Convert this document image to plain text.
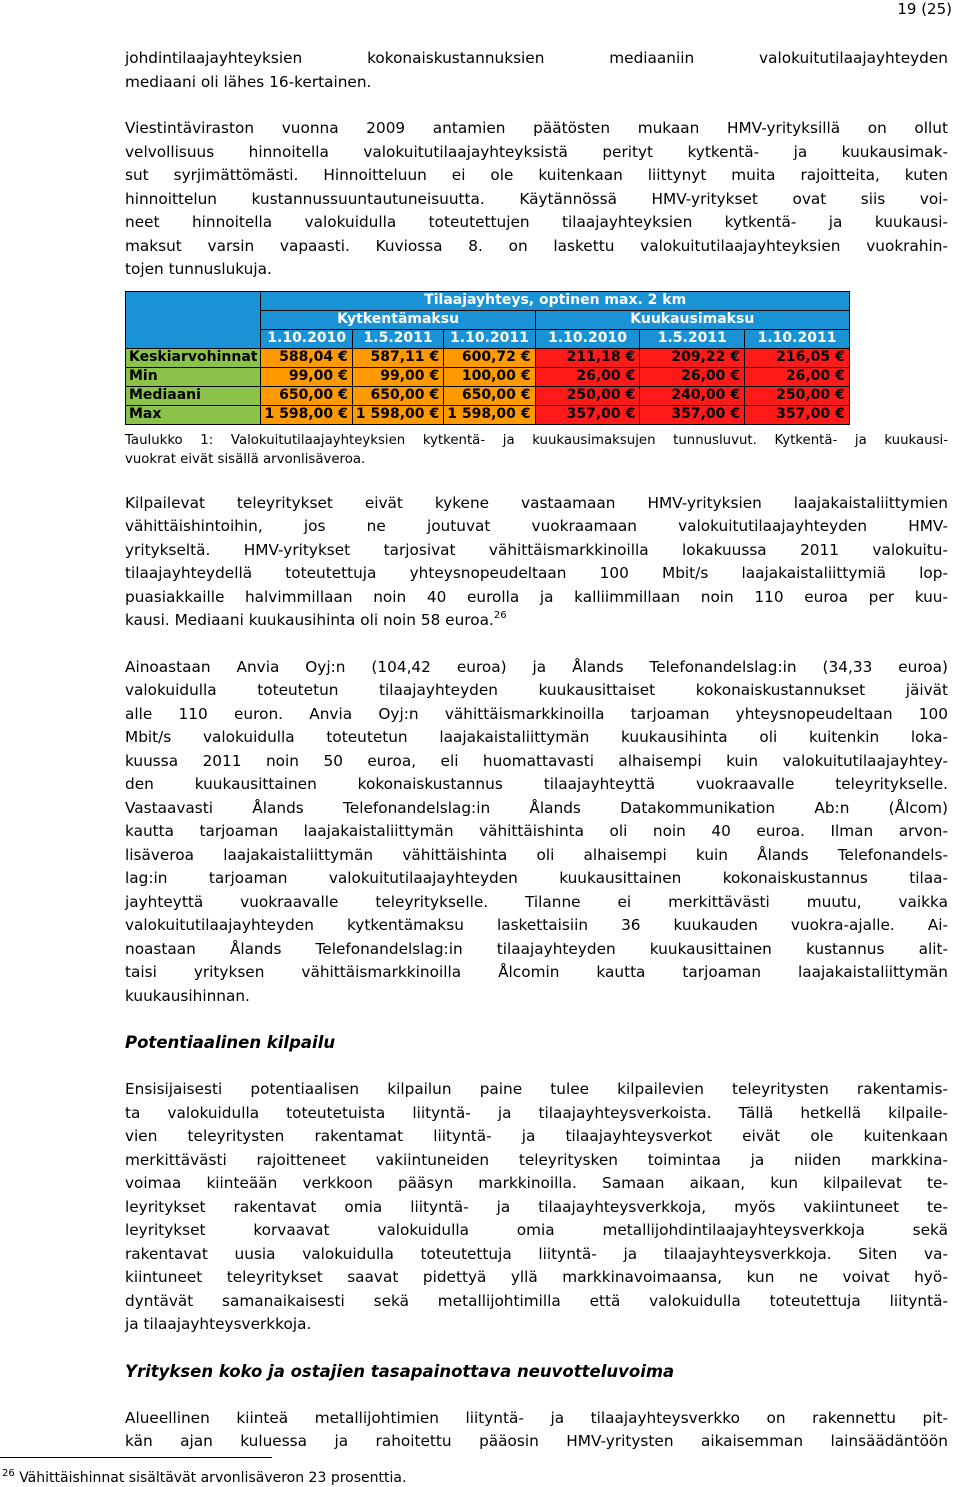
19 (25)
johdintilaajayhteyksien kokonaiskustannuksien mediaaniin valokuitutilaajayhteyden
mediaani oli lähes 16-kertainen.
Viestintäviraston vuonna 2009 antamien päätösten mukaan HMV-yrityksillä on ollut
velvollisuus hinnoitella valokuitutilaajayhteyksistä perityt kytkentä- ja kuukausimak-
sut syrjimättömästi. Hinnoitteluun ei ole kuitenkaan liittynyt muita rajoitteita, kuten
hinnoittelun kustannussuuntautuneisuutta. Käytännössä HMV-yritykset ovat siis voi-
neet hinnoitella valokuidulla toteutettujen tilaajayhteyksien kytkentä- ja kuukausi-
maksut varsin vapaasti. Kuviossa 8. on laskettu valokuitutilaajayhteyksien vuokrahin-
tojen tunnuslukuja.
	Tilaajayhteys, optinen max. 2 km											
	Kytkentämaksu						Kuukausimaksu					
	1.10.2010		1.5.2011		1.10.2011		1.10.2010		1.5.2011		1.10.2011	
Keskiarvohinnat	588,04	€	587,11	€	600,72	€	211,18	€	209,22	€	216,05	€
Min	99,00	€	99,00	€	100,00	€	26,00	€	26,00	€	26,00	€
Mediaani	650,00	€	650,00	€	650,00	€	250,00	€	240,00	€	250,00	€
Max	1 598,00	€	1 598,00	€	1 598,00	€	357,00	€	357,00	€	357,00	€
Taulukko 1: Valokuitutilaajayhteyksien kytkentä- ja kuukausimaksujen tunnusluvut. Kytkentä- ja kuukausi-
vuokrat eivät sisällä arvonlisäveroa.
Kilpailevat teleyritykset eivät kykene vastaamaan HMV-yrityksien laajakaistaliittymien
vähittäishintoihin, jos ne joutuvat vuokraamaan valokuitutilaajayhteyden HMV-
yritykseltä. HMV-yritykset tarjosivat vähittäismarkkinoilla lokakuussa 2011 valokuitu-
tilaajayhteydellä toteutettuja yhteysnopeudeltaan 100 Mbit/s laajakaistaliittymiä lop-
puasiakkaille halvimmillaan noin 40 eurolla ja kalliimmillaan noin 110 euroa per kuu-
kausi. Mediaani kuukausihinta oli noin 58 euroa.$^{26}$
Ainoastaan Anvia Oyj:n (104,42 euroa) ja Ålands Telefonandelslag:in (34,33 euroa)
valokuidulla toteutetun tilaajayhteyden kuukausittaiset kokonaiskustannukset jäivät
alle 110 euron. Anvia Oyj:n vähittäismarkkinoilla tarjoaman yhteysnopeudeltaan 100
Mbit/s valokuidulla toteutetun laajakaistaliittymän kuukausihinta oli kuitenkin loka-
kuussa 2011 noin 50 euroa, eli huomattavasti alhaisempi kuin valokuitutilaajayhtey-
den kuukausittainen kokonaiskustannus tilaajayhteyttä vuokraavalle teleyritykselle.
Vastaavasti Ålands Telefonandelslag:in Ålands Datakommunikation Ab:n (Ålcom)
kautta tarjoaman laajakaistaliittymän vähittäishinta oli noin 40 euroa. Ilman arvon-
lisäveroa laajakaistaliittymän vähittäishinta oli alhaisempi kuin Ålands Telefonandels-
lag:in tarjoaman valokuitutilaajayhteyden kuukausittainen kokonaiskustannus tilaa-
jayhteyttä vuokraavalle teleyritykselle. Tilanne ei merkittävästi muutu, vaikka
valokuitutilaajayhteyden kytkentämaksu laskettaisiin 36 kuukauden vuokra-ajalle. Ai-
noastaan Ålands Telefonandelslag:in tilaajayhteyden kuukausittainen kustannus alit-
taisi yrityksen vähittäismarkkinoilla Ålcomin kautta tarjoaman laajakaistaliittymän
kuukausihinnan.
Potentiaalinen kilpailu
Ensisijaisesti potentiaalisen kilpailun paine tulee kilpailevien teleyritysten rakentamis-
ta valokuidulla toteutetuista liityntä- ja tilaajayhteysverkoista. Tällä hetkellä kilpaile-
vien teleyritysten rakentamat liityntä- ja tilaajayhteysverkot eivät ole kuitenkaan
merkittävästi rajoitteneet vakiintuneiden teleyritysken toimintaa ja niiden markkina-
voimaa kiinteään verkkoon pääsyn markkinoilla. Samaan aikaan, kun kilpailevat te-
leyritykset rakentavat omia liityntä- ja tilaajayhteysverkkoja, myös vakiintuneet te-
leyritykset korvaavat valokuidulla omia metallijohdintilaajayhteysverkkoja sekä
rakentavat uusia valokuidulla toteutettuja liityntä- ja tilaajayhteysverkkoja. Siten va-
kiintuneet teleyritykset saavat pidettyä yllä markkinavoimaansa, kun ne voivat hyö-
dyntävät samanaikaisesti sekä metallijohtimilla että valokuidulla toteutettuja liityntä-
ja tilaajayhteysverkkoja.
Yrityksen koko ja ostajien tasapainottava neuvotteluvoima
Alueellinen kiinteä metallijohtimien liityntä- ja tilaajayhteysverkko on rakennettu pit-
kän ajan kuluessa ja rahoitettu pääosin HMV-yritysten aikaisemman lainsäädäntöön
$^{26}$ Vähittäishinnat sisältävät arvonlisäveron 23 prosenttia.
